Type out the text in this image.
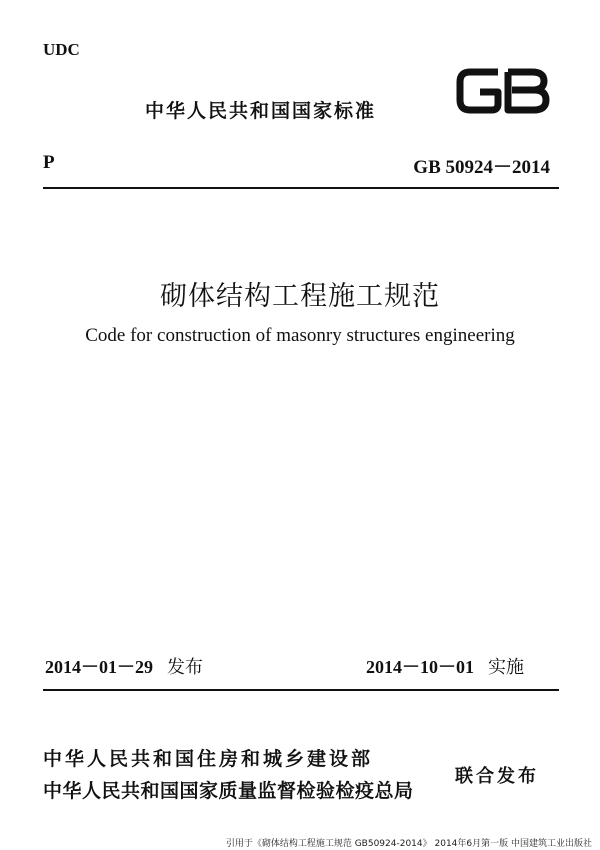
UDC
中华人民共和国国家标准
GB
P	GB 50924－2014
砌体结构工程施工规范
Code for construction of masonry structures engineering
2014－01－29 发布	2014－10－01 实施
中华人民共和国住房和城乡建设部
中华人民共和国国家质量监督检验检疫总局
联合发布
引用于《砌体结构工程施工规范 GB50924-2014》 2014年6月第一版 中国建筑工业出版社
